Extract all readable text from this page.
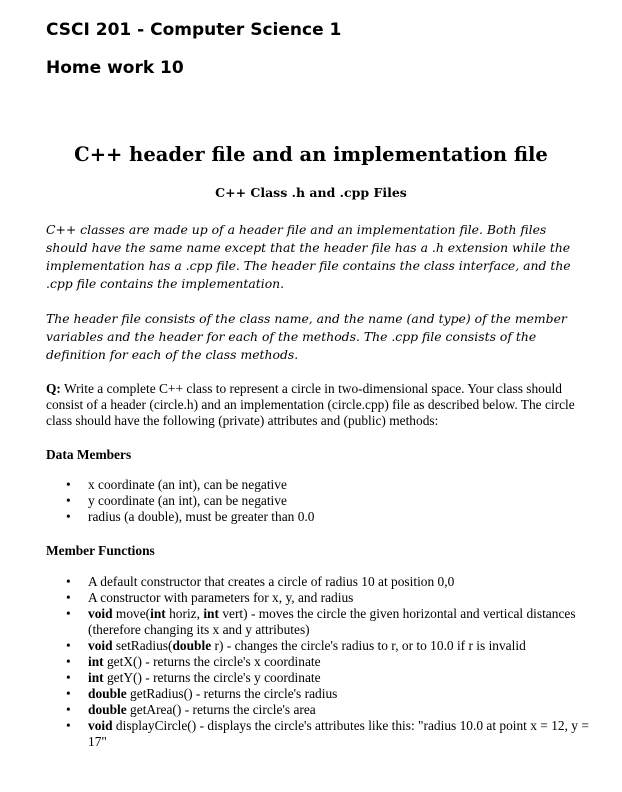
CSCI 201 - Computer Science 1
Home work 10
C++ header file and an implementation file
C++ Class .h and .cpp Files
C++ classes are made up of a header file and an implementation file. Both files should have the same name except that the header file has a .h extension while the implementation has a .cpp file. The header file contains the class interface, and the .cpp file contains the implementation.
The header file consists of the class name, and the name (and type) of the member variables and the header for each of the methods. The .cpp file consists of the definition for each of the class methods.
Q: Write a complete C++ class to represent a circle in two-dimensional space. Your class should consist of a header (circle.h) and an implementation (circle.cpp) file as described below. The circle class should have the following (private) attributes and (public) methods:
Data Members
• x coordinate (an int), can be negative
• y coordinate (an int), can be negative
• radius (a double), must be greater than 0.0
Member Functions
• A default constructor that creates a circle of radius 10 at position 0,0
• A constructor with parameters for x, y, and radius
• void move(int horiz, int vert) - moves the circle the given horizontal and vertical distances (therefore changing its x and y attributes)
• void setRadius(double r) - changes the circle's radius to r, or to 10.0 if r is invalid
• int getX() - returns the circle's x coordinate
• int getY() - returns the circle's y coordinate
• double getRadius() - returns the circle's radius
• double getArea() - returns the circle's area
• void displayCircle() - displays the circle's attributes like this: "radius 10.0 at point x = 12, y = 17"
